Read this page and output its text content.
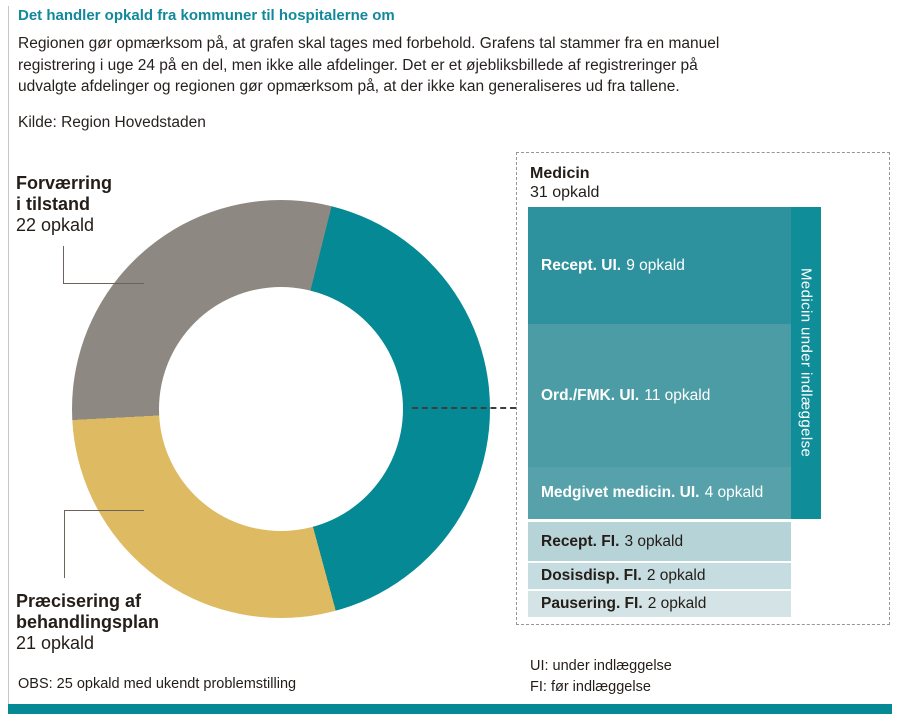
Det handler opkald fra kommuner til hospitalerne om
Regionen gør opmærksom på, at grafen skal tages med forbehold. Grafens tal stammer fra en manuel
registrering i uge 24 på en del, men ikke alle afdelinger. Det er et øjebliksbillede af registreringer på
udvalgte afdelinger og regionen gør opmærksom på, at der ikke kan generaliseres ud fra tallene.
Kilde: Region Hovedstaden
Forværring
i tilstand
22 opkald
Præcisering af
behandlingsplan
21 opkald
OBS: 25 opkald med ukendt problemstilling
Medicin
31 opkald
Recept. UI. 9 opkald
Ord./FMK. UI. 11 opkald
Medgivet medicin. UI. 4 opkald
Recept. FI. 3 opkald
Dosisdisp. FI. 2 opkald
Pausering. FI. 2 opkald
Medicin under indlæggelse
UI: under indlæggelse
FI: før indlæggelse
